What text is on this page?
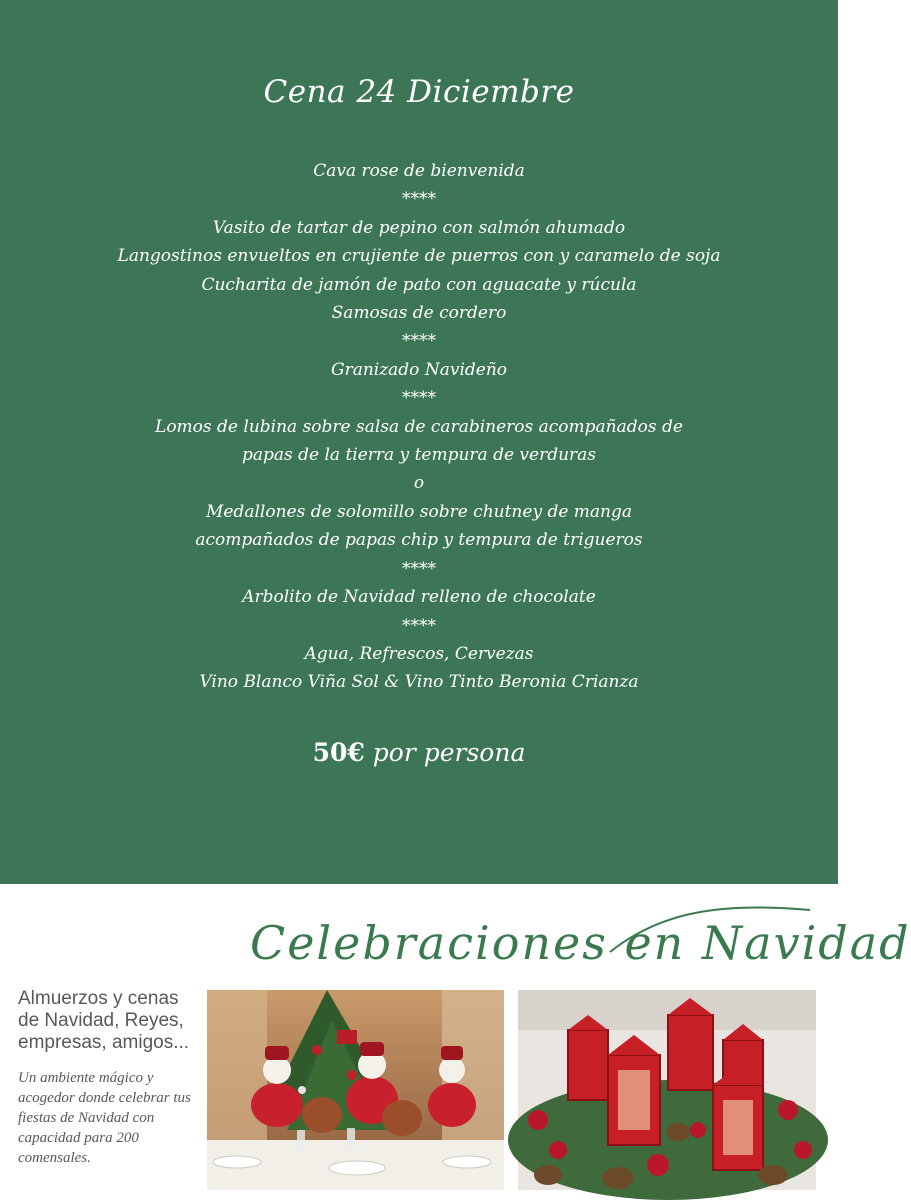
Cena 24 Diciembre
Cava rose de bienvenida
****
Vasito de tartar de pepino con salmón ahumado
Langostinos envueltos en crujiente de puerros con y caramelo de soja
Cucharita de jamón de pato con aguacate y rúcula
Samosas de cordero
****
Granizado Navideño
****
Lomos de lubina sobre salsa de carabineros acompañados de
papas de la tierra y tempura de verduras
o
Medallones de solomillo sobre chutney de manga
acompañados de papas chip y tempura de trigueros
****
Arbolito de Navidad relleno de chocolate
****
Agua, Refrescos, Cervezas
Vino Blanco Viña Sol & Vino Tinto Beronia Crianza
50€ por persona
Celebraciones en Navidad
Almuerzos y cenas de Navidad, Reyes, empresas, amigos...
Un ambiente mágico y acogedor donde celebrar tus fiestas de Navidad con capacidad para 200 comensales.
